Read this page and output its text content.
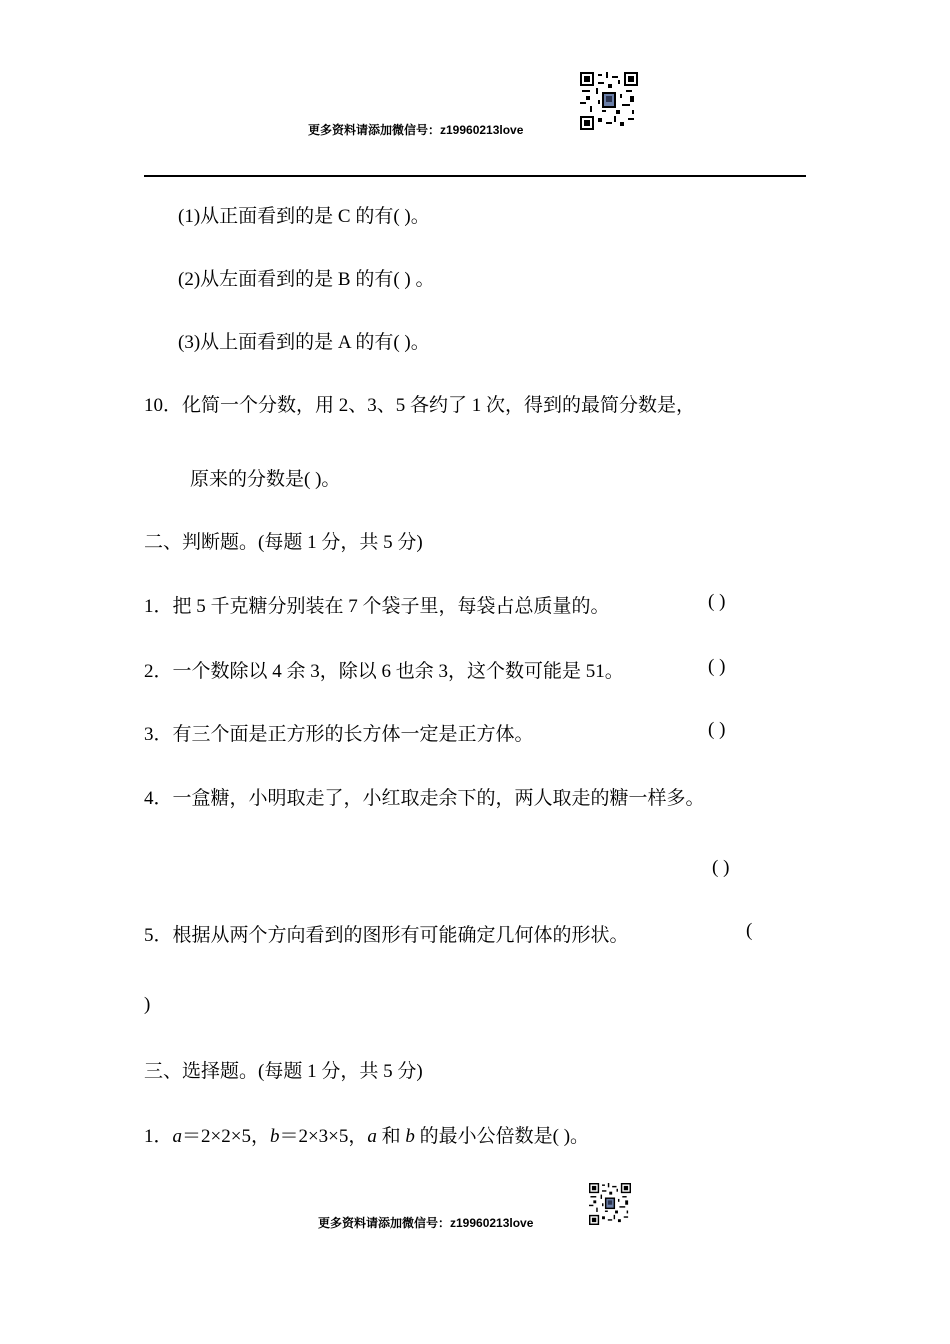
更多资料请添加微信号：z19960213love
(1)从正面看到的是 C 的有( )。
(2)从左面看到的是 B 的有( ) 。
(3)从上面看到的是 A 的有( )。
10．化简一个分数，用 2、3、5 各约了 1 次，得到的最简分数是，
原来的分数是( )。
二、判断题。(每题 1 分，共 5 分)
1．把 5 千克糖分别装在 7 个袋子里，每袋占总质量的。	( )
2．一个数除以 4 余 3，除以 6 也余 3，这个数可能是 51。	( )
3．有三个面是正方形的长方体一定是正方体。	( )
4．一盒糖，小明取走了，小红取走余下的，两人取走的糖一样多。
( )
5．根据从两个方向看到的图形有可能确定几何体的形状。	(
)
三、选择题。(每题 1 分，共 5 分)
1．a＝2×2×5，b＝2×3×5，a 和 b 的最小公倍数是( )。
更多资料请添加微信号：z19960213love
